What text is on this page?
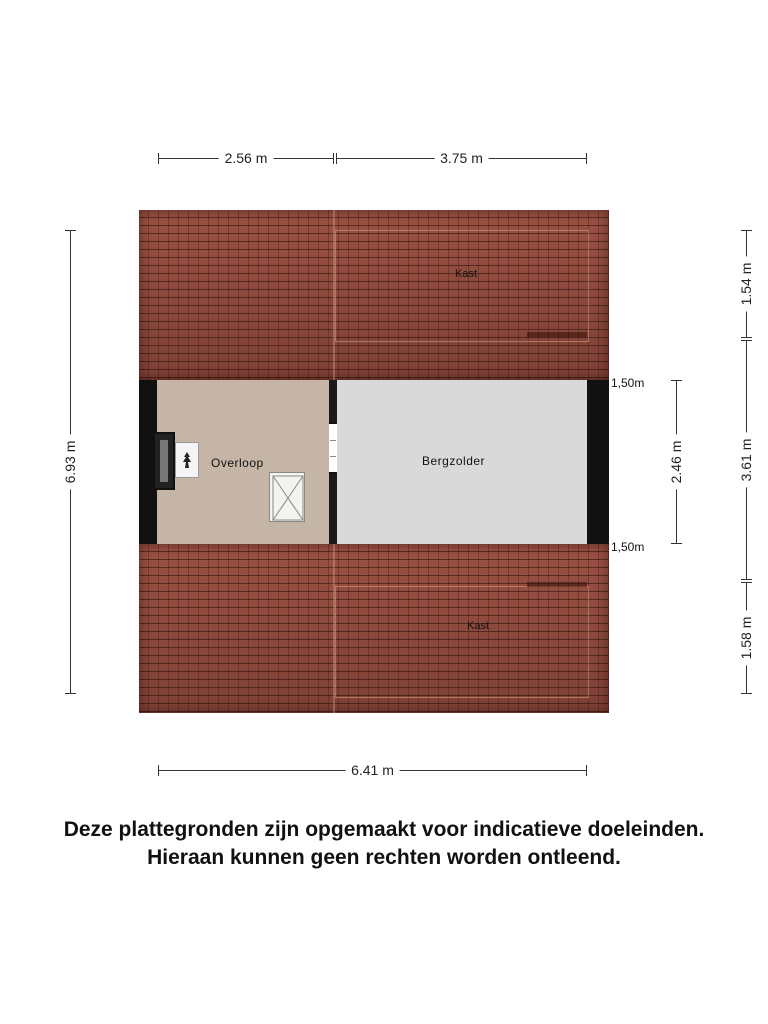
2.56 m	3.75 m
6.93 m
1.54 m
3.61 m
1.58 m
2.46 m
Kast
Overloop	Bergzolder
Kast
1,50m
1,50m
6.41 m
Deze plattegronden zijn opgemaakt voor indicatieve doeleinden.
Hieraan kunnen geen rechten worden ontleend.
